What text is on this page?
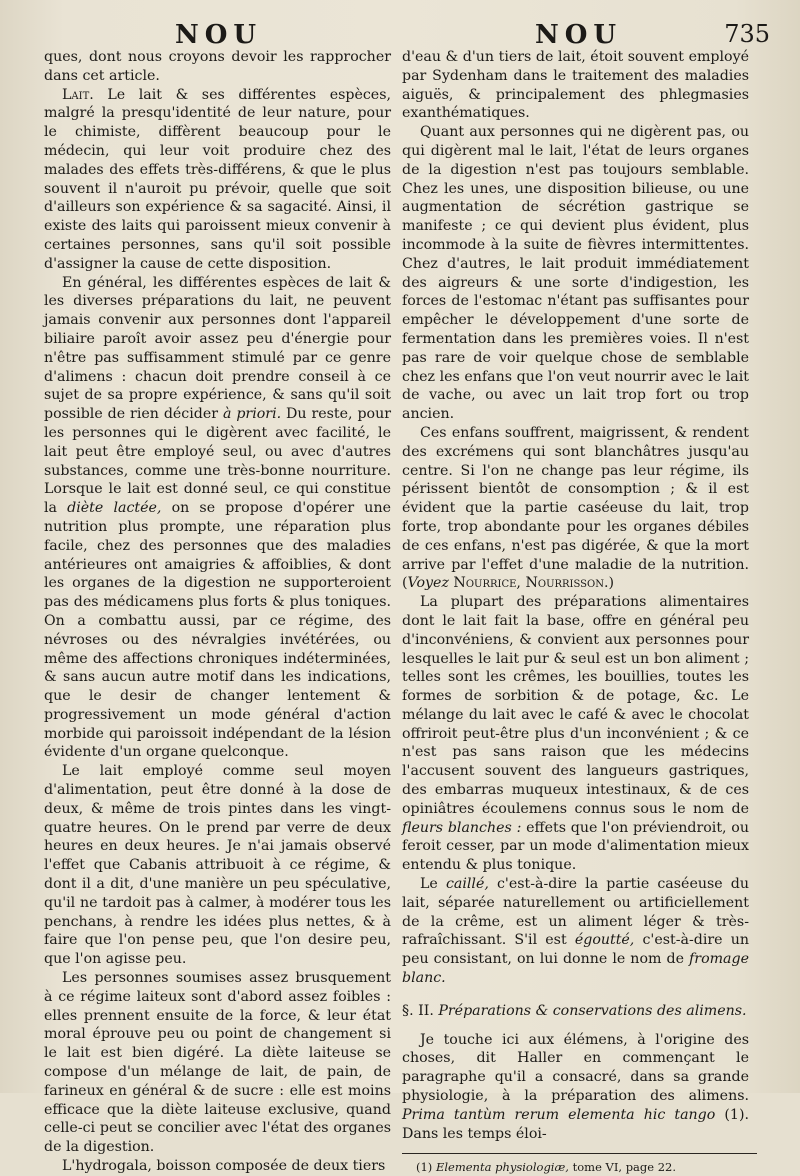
NOU	NOU	735

ques, dont nous croyons devoir les rapprocher dans cet article.

Lait. Le lait & ses différentes espèces, malgré la presqu'identité de leur nature, pour le chimiste, diffèrent beaucoup pour le médecin, qui leur voit produire chez des malades des effets très-différens, & que le plus souvent il n'auroit pu prévoir, quelle que soit d'ailleurs son expérience & sa sagacité. Ainsi, il existe des laits qui paroissent mieux convenir à certaines personnes, sans qu'il soit possible d'assigner la cause de cette disposition.

En général, les différentes espèces de lait & les diverses préparations du lait, ne peuvent jamais convenir aux personnes dont l'appareil biliaire paroît avoir assez peu d'énergie pour n'être pas suffisamment stimulé par ce genre d'alimens : chacun doit prendre conseil à ce sujet de sa propre expérience, & sans qu'il soit possible de rien décider à priori. Du reste, pour les personnes qui le digèrent avec facilité, le lait peut être employé seul, ou avec d'autres substances, comme une très-bonne nourriture. Lorsque le lait est donné seul, ce qui constitue la diète lactée, on se propose d'opérer une nutrition plus prompte, une réparation plus facile, chez des personnes que des maladies antérieures ont amaigries & affoiblies, & dont les organes de la digestion ne supporteroient pas des médicamens plus forts & plus toniques. On a combattu aussi, par ce régime, des névroses ou des névralgies invétérées, ou même des affections chroniques indéterminées, & sans aucun autre motif dans les indications, que le desir de changer lentement & progressivement un mode général d'action morbide qui paroissoit indépendant de la lésion évidente d'un organe quelconque.

Le lait employé comme seul moyen d'alimentation, peut être donné à la dose de deux, & même de trois pintes dans les vingt-quatre heures. On le prend par verre de deux heures en deux heures. Je n'ai jamais observé l'effet que Cabanis attribuoit à ce régime, & dont il a dit, d'une manière un peu spéculative, qu'il ne tardoit pas à calmer, à modérer tous les penchans, à rendre les idées plus nettes, & à faire que l'on pense peu, que l'on desire peu, que l'on agisse peu.

Les personnes soumises assez brusquement à ce régime laiteux sont d'abord assez foibles : elles prennent ensuite de la force, & leur état moral éprouve peu ou point de changement si le lait est bien digéré. La diète laiteuse se compose d'un mélange de lait, de pain, de farineux en général & de sucre : elle est moins efficace que la diète laiteuse exclusive, quand celle-ci peut se concilier avec l'état des organes de la digestion.

L'hydrogala, boisson composée de deux tiers

d'eau & d'un tiers de lait, étoit souvent employé par Sydenham dans le traitement des maladies aiguës, & principalement des phlegmasies exanthématiques.

Quant aux personnes qui ne digèrent pas, ou qui digèrent mal le lait, l'état de leurs organes de la digestion n'est pas toujours semblable. Chez les unes, une disposition bilieuse, ou une augmentation de sécrétion gastrique se manifeste ; ce qui devient plus évident, plus incommode à la suite de fièvres intermittentes. Chez d'autres, le lait produit immédiatement des aigreurs & une sorte d'indigestion, les forces de l'estomac n'étant pas suffisantes pour empêcher le développement d'une sorte de fermentation dans les premières voies. Il n'est pas rare de voir quelque chose de semblable chez les enfans que l'on veut nourrir avec le lait de vache, ou avec un lait trop fort ou trop ancien.

Ces enfans souffrent, maigrissent, & rendent des excrémens qui sont blanchâtres jusqu'au centre. Si l'on ne change pas leur régime, ils périssent bientôt de consomption ; & il est évident que la partie caséeuse du lait, trop forte, trop abondante pour les organes débiles de ces enfans, n'est pas digérée, & que la mort arrive par l'effet d'une maladie de la nutrition. (Voyez Nourrice, Nourrisson.)

La plupart des préparations alimentaires dont le lait fait la base, offre en général peu d'inconvéniens, & convient aux personnes pour lesquelles le lait pur & seul est un bon aliment ; telles sont les crêmes, les bouillies, toutes les formes de sorbition & de potage, &c. Le mélange du lait avec le café & avec le chocolat offriroit peut-être plus d'un inconvénient ; & ce n'est pas sans raison que les médecins l'accusent souvent des langueurs gastriques, des embarras muqueux intestinaux, & de ces opiniâtres écoulemens connus sous le nom de fleurs blanches : effets que l'on préviendroit, ou feroit cesser, par un mode d'alimentation mieux entendu & plus tonique.

Le caillé, c'est-à-dire la partie caséeuse du lait, séparée naturellement ou artificiellement de la crême, est un aliment léger & très-rafraîchissant. S'il est égoutté, c'est-à-dire un peu consistant, on lui donne le nom de fromage blanc.

§. II. Préparations & conservations des alimens.

Je touche ici aux élémens, à l'origine des choses, dit Haller en commençant le paragraphe qu'il a consacré, dans sa grande physiologie, à la préparation des alimens. Prima tantùm rerum elementa hic tango (1). Dans les temps éloi-

(1) Elementa physiologiæ, tome VI, page 22.
